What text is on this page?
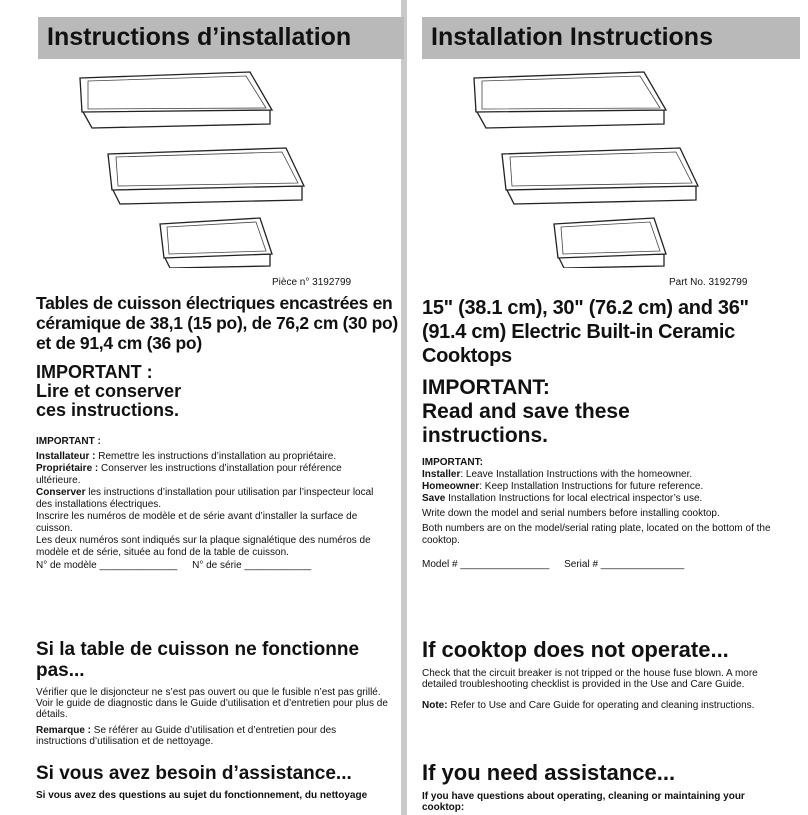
Instructions d’installation
Pièce n° 3192799
Tables de cuisson électriques encastrées en céramique de 38,1 (15 po), de 76,2 cm (30 po) et de 91,4 cm (36 po)
IMPORTANT :
Lire et conserver
ces instructions.

IMPORTANT :

Installateur : Remettre les instructions d’installation au propriétaire.

Propriétaire : Conserver les instructions d’installation pour référence ultérieure.

Conserver les instructions d’installation pour utilisation par l’inspecteur local des installations électriques.

Inscrire les numéros de modèle et de série avant d’installer la surface de cuisson.

Les deux numéros sont indiqués sur la plaque signalétique des numéros de modèle et de série, située au fond de la table de cuisson.

N° de modèle ______________ N° de série ____________
Si la table de cuisson ne fonctionne pas...

Vérifier que le disjoncteur ne s’est pas ouvert ou que le fusible n’est pas grillé. Voir le guide de diagnostic dans le Guide d’utilisation et d’entretien pour plus de détails.

Remarque : Se référer au Guide d’utilisation et d’entretien pour des instructions d’utilisation et de nettoyage.

Si vous avez besoin d’assistance...
Si vous avez des questions au sujet du fonctionnement, du nettoyage
Installation Instructions
Part No. 3192799
15" (38.1 cm), 30" (76.2 cm) and 36" (91.4 cm) Electric Built-in Ceramic Cooktops
IMPORTANT:
Read and save these
instructions.

IMPORTANT:

Installer: Leave Installation Instructions with the homeowner.

Homeowner: Keep Installation Instructions for future reference.

Save Installation Instructions for local electrical inspector’s use.

Write down the model and serial numbers before installing cooktop.

Both numbers are on the model/serial rating plate, located on the bottom of the cooktop.

Model # ________________ Serial # _______________
If cooktop does not operate...

Check that the circuit breaker is not tripped or the house fuse blown. A more detailed troubleshooting checklist is provided in the Use and Care Guide.

Note: Refer to Use and Care Guide for operating and cleaning instructions.

If you need assistance...
If you have questions about operating, cleaning or maintaining your cooktop:
